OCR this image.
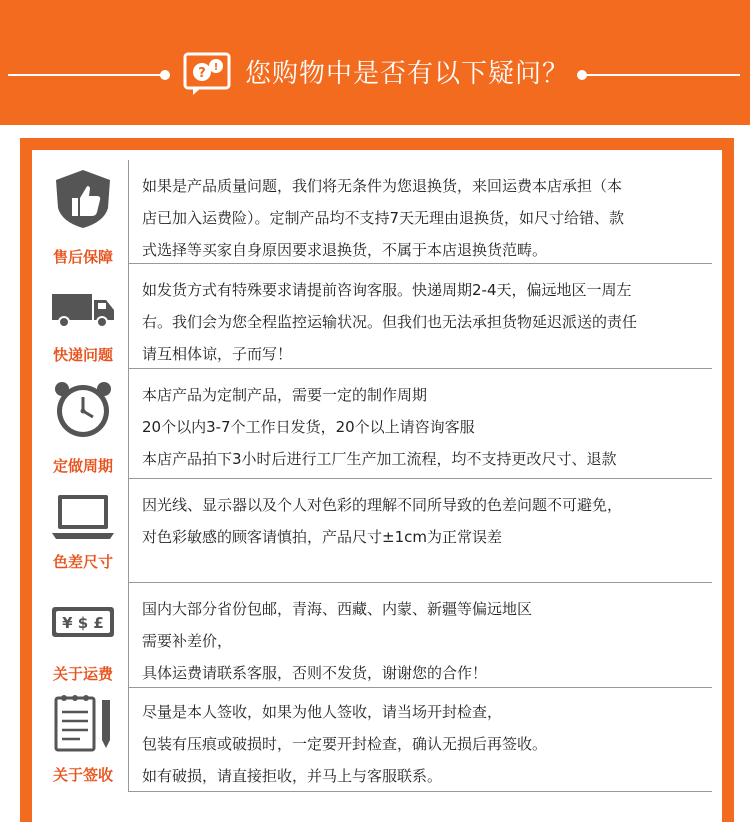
? ! 您购物中是否有以下疑问？
售后保障
如果是产品质量问题，我们将无条件为您退换货，来回运费本店承担（本
店已加入运费险）。定制产品均不支持7天无理由退换货，如尺寸给错、款
式选择等买家自身原因要求退换货，不属于本店退换货范畴。
快递问题
如发货方式有特殊要求请提前咨询客服。快递周期2-4天，偏远地区一周左
右。我们会为您全程监控运输状况。但我们也无法承担货物延迟派送的责任
请互相体谅，子而写！
定做周期
本店产品为定制产品，需要一定的制作周期
20个以内3-7个工作日发货，20个以上请咨询客服
本店产品拍下3小时后进行工厂生产加工流程，均不支持更改尺寸、退款
色差尺寸
因光线、显示器以及个人对色彩的理解不同所导致的色差问题不可避免，
对色彩敏感的顾客请慎拍，产品尺寸±1cm为正常误差
¥ $ £
关于运费
国内大部分省份包邮，青海、西藏、内蒙、新疆等偏远地区
需要补差价，
具体运费请联系客服，否则不发货，谢谢您的合作！
关于签收
尽量是本人签收，如果为他人签收，请当场开封检查，
包装有压痕或破损时，一定要开封检查，确认无损后再签收。
如有破损，请直接拒收，并马上与客服联系。
